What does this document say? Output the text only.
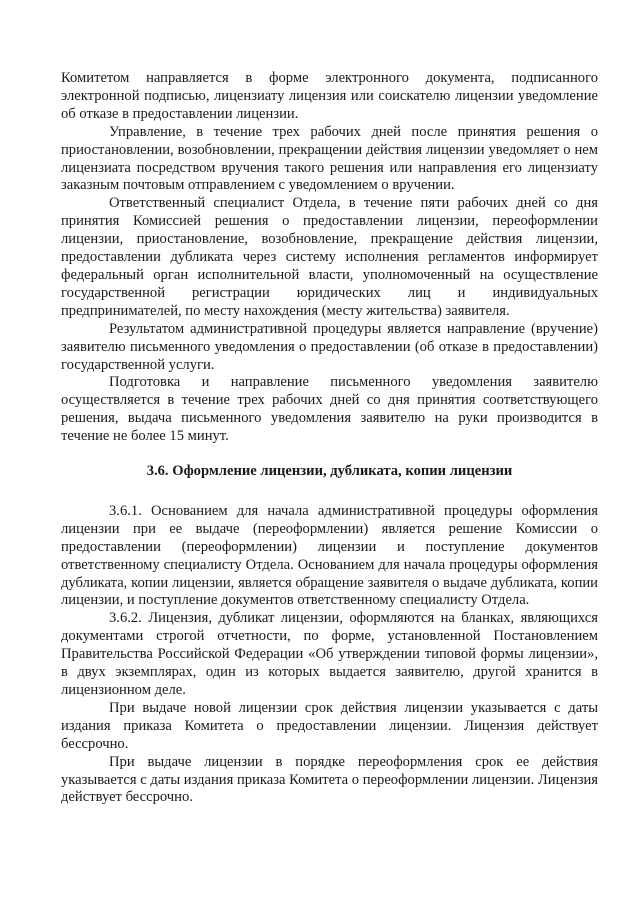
Комитетом направляется в форме электронного документа, подписанного электронной подписью, лицензиату лицензия или соискателю лицензии уведомление об отказе в предоставлении лицензии.

Управление, в течение трех рабочих дней после принятия решения о приостановлении, возобновлении, прекращении действия лицензии уведомляет о нем лицензиата посредством вручения такого решения или направления его лицензиату заказным почтовым отправлением с уведомлением о вручении.

Ответственный специалист Отдела, в течение пяти рабочих дней со дня принятия Комиссией решения о предоставлении лицензии, переоформлении лицензии, приостановление, возобновление, прекращение действия лицензии, предоставлении дубликата через систему исполнения регламентов информирует федеральный орган исполнительной власти, уполномоченный на осуществление государственной регистрации юридических лиц и индивидуальных предпринимателей, по месту нахождения (месту жительства) заявителя.

Результатом административной процедуры является направление (вручение) заявителю письменного уведомления о предоставлении (об отказе в предоставлении) государственной услуги.

Подготовка и направление письменного уведомления заявителю осуществляется в течение трех рабочих дней со дня принятия соответствующего решения, выдача письменного уведомления заявителю на руки производится в течение не более 15 минут.

3.6. Оформление лицензии, дубликата, копии лицензии

3.6.1. Основанием для начала административной процедуры оформления лицензии при ее выдаче (переоформлении) является решение Комиссии о предоставлении (переоформлении) лицензии и поступление документов ответственному специалисту Отдела. Основанием для начала процедуры оформления дубликата, копии лицензии, является обращение заявителя о выдаче дубликата, копии лицензии, и поступление документов ответственному специалисту Отдела.

3.6.2. Лицензия, дубликат лицензии, оформляются на бланках, являющихся документами строгой отчетности, по форме, установленной Постановлением Правительства Российской Федерации «Об утверждении типовой формы лицензии», в двух экземплярах, один из которых выдается заявителю, другой хранится в лицензионном деле.

При выдаче новой лицензии срок действия лицензии указывается с даты издания приказа Комитета о предоставлении лицензии. Лицензия действует бессрочно.

При выдаче лицензии в порядке переоформления срок ее действия указывается с даты издания приказа Комитета о переоформлении лицензии. Лицензия действует бессрочно.
